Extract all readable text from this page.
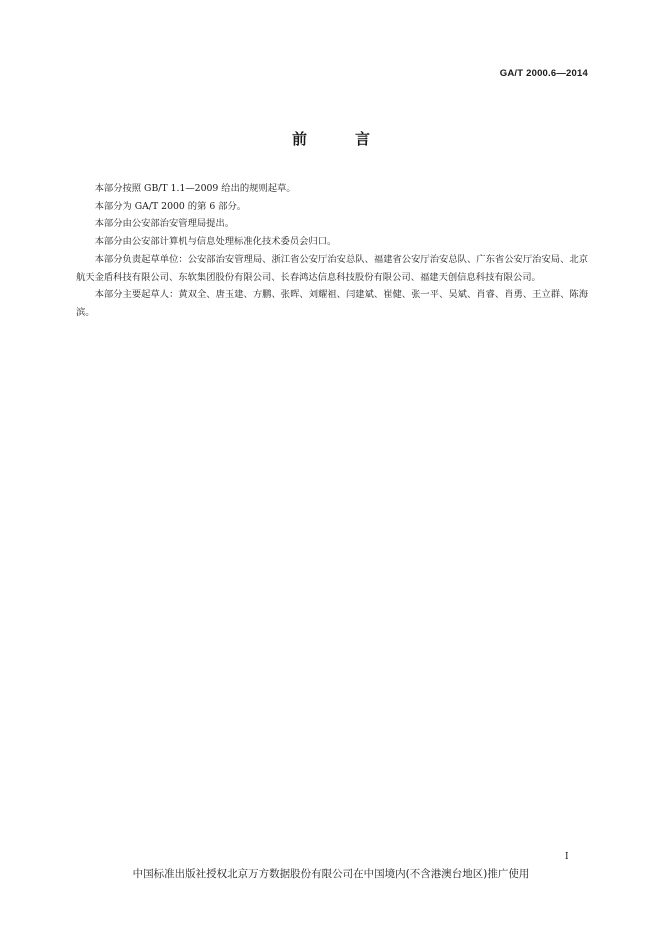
GA/T 2000.6—2014
前	言

本部分按照 GB/T 1.1—2009 给出的规则起草。

本部分为 GA/T 2000 的第 6 部分。

本部分由公安部治安管理局提出。

本部分由公安部计算机与信息处理标准化技术委员会归口。

本部分负责起草单位：公安部治安管理局、浙江省公安厅治安总队、福建省公安厅治安总队、广东省公安厅治安局、北京航天金盾科技有限公司、东软集团股份有限公司、长春鸿达信息科技股份有限公司、福建天创信息科技有限公司。

本部分主要起草人：黄双全、唐玉建、方鹏、张晖、刘耀祖、闫建斌、崔健、张一平、吴斌、肖睿、肖勇、王立群、陈海滨。

I
中国标准出版社授权北京万方数据股份有限公司在中国境内(不含港澳台地区)推广使用
